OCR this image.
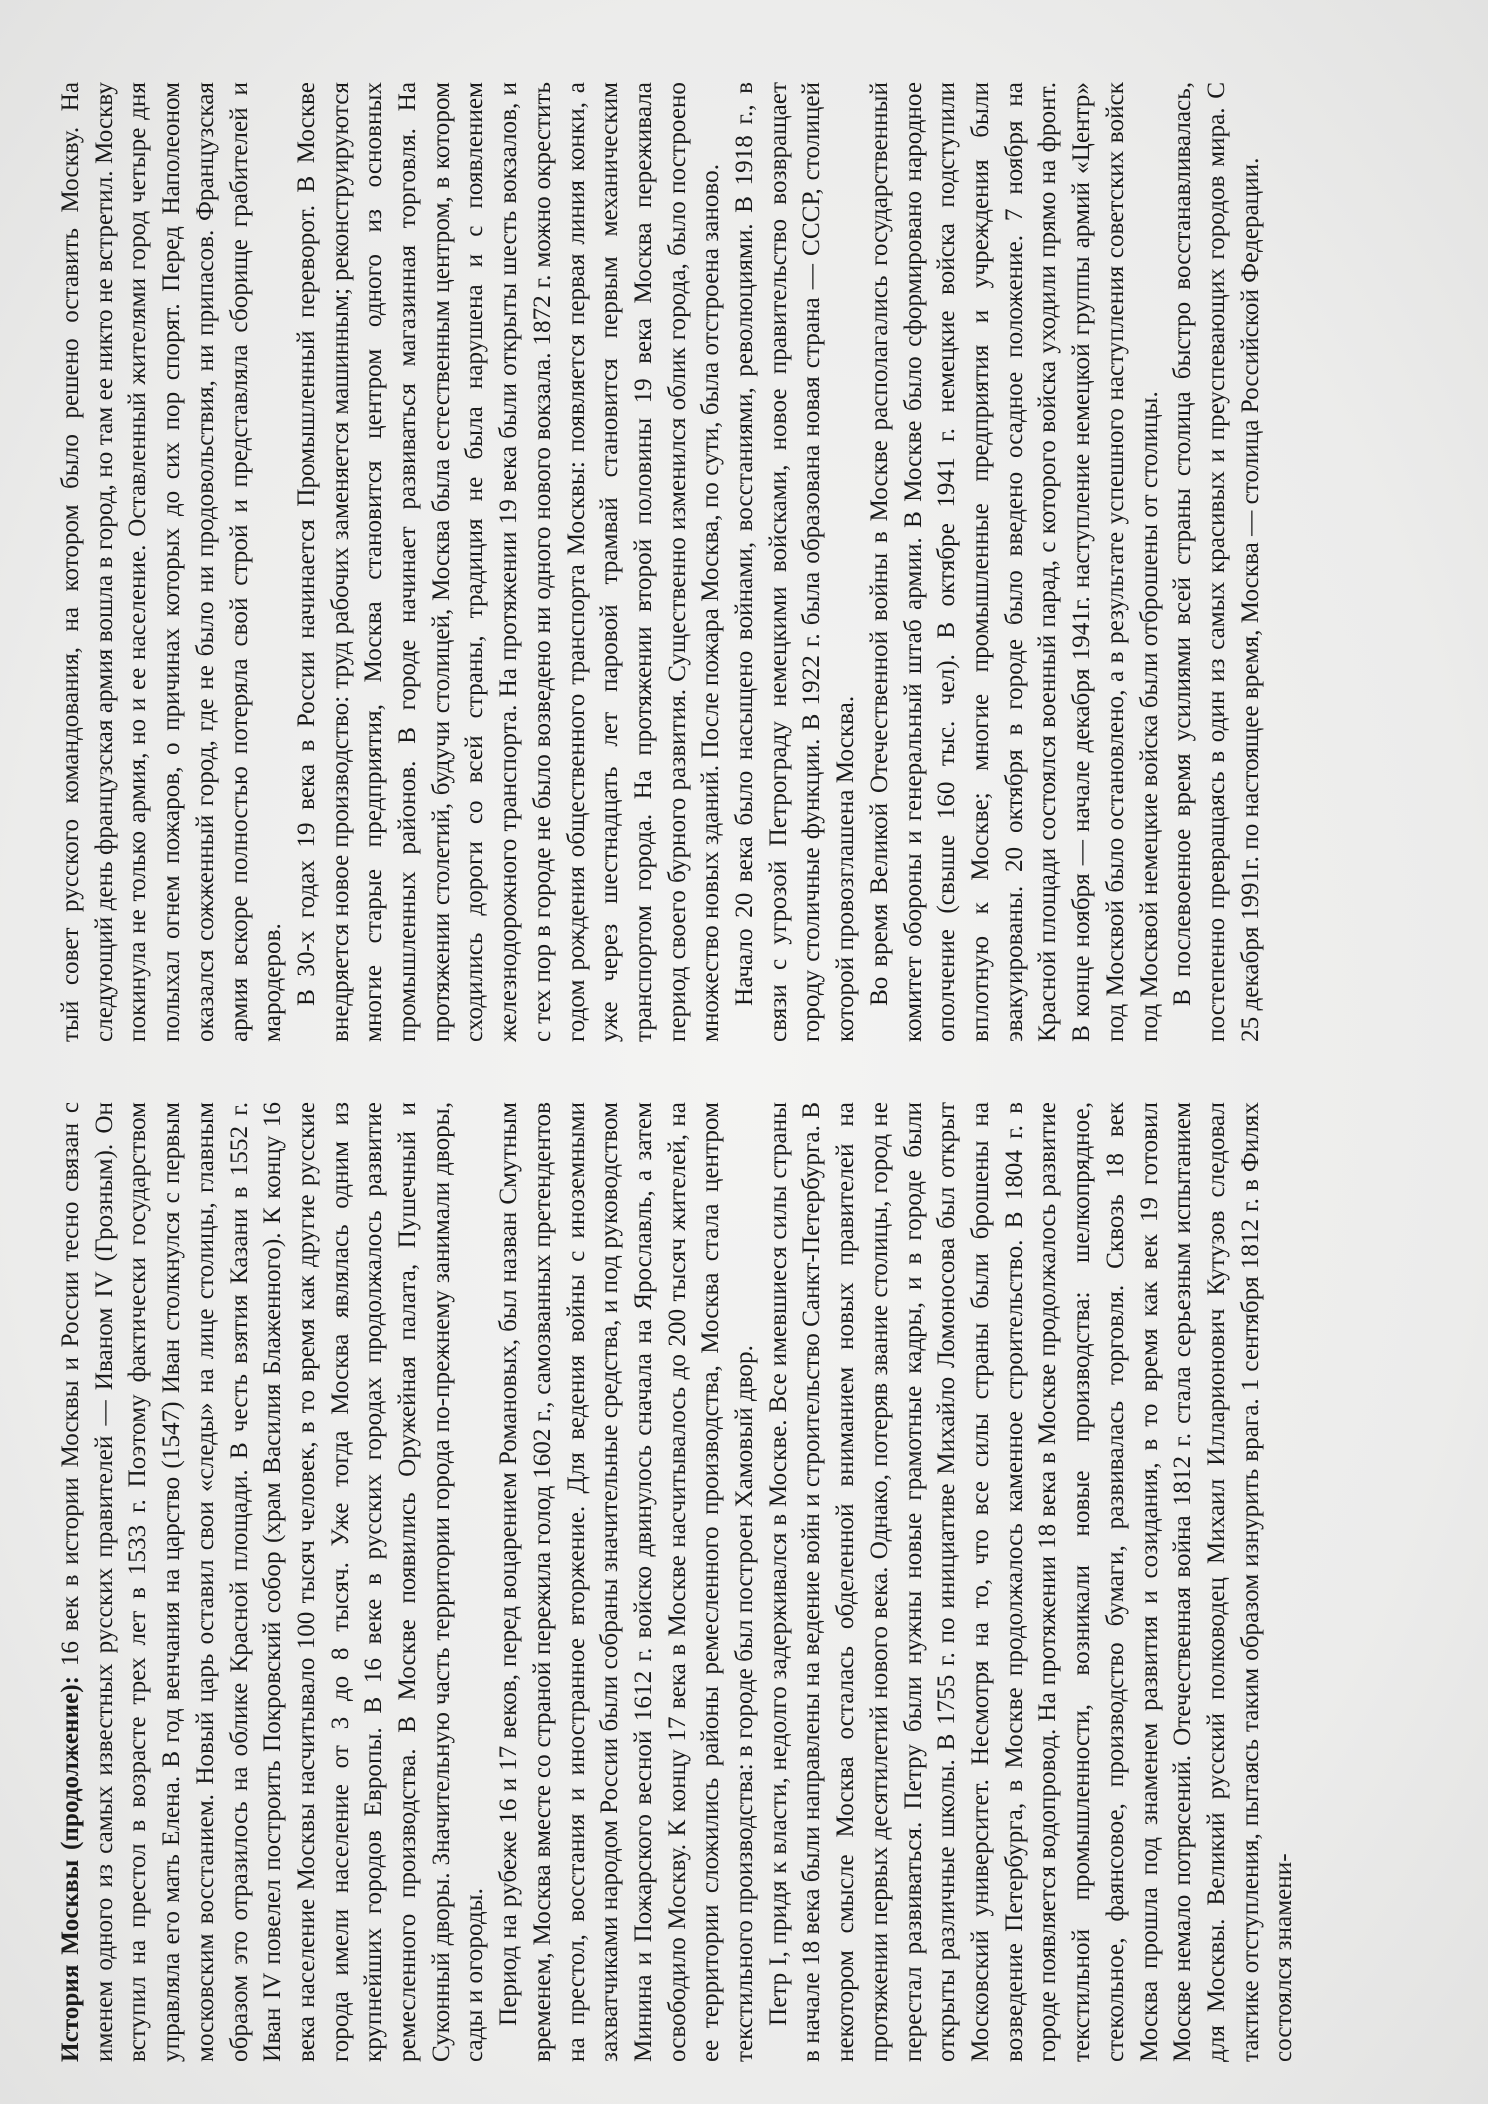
История Москвы (продолжение): 16 век в истории Москвы и России тесно связан с именем одного из самых известных русских правителей — Иваном IV (Грозным). Он вступил на престол в возрасте трех лет в 1533 г. Поэтому фактически государством управляла его мать Елена. В год венчания на царство (1547) Иван столкнулся с первым московским восстанием. Новый царь оставил свои «следы» на лице столицы, главным образом это отразилось на облике Красной площади. В честь взятия Казани в 1552 г. Иван IV повелел построить Покровский собор (храм Василия Блаженного). К концу 16 века население Москвы насчитывало 100 тысяч человек, в то время как другие русские города имели население от 3 до 8 тысяч. Уже тогда Москва являлась одним из крупнейших городов Европы. В 16 веке в русских городах продолжалось развитие ремесленного производства. В Москве появились Оружейная палата, Пушечный и Суконный дворы. Значительную часть территории города по-прежнему занимали дворы, сады и огороды. Период на рубеже 16 и 17 веков, перед воцарением Романовых, был назван Смутным временем, Москва вместе со страной пережила голод 1602 г., самозванных претендентов на престол, восстания и иностранное вторжение. Для ведения войны с иноземными захватчиками народом России были собраны значительные средства, и под руководством Минина и Пожарского весной 1612 г. войско двинулось сначала на Ярославль, а затем освободило Москву. К концу 17 века в Москве насчитывалось до 200 тысяч жителей, на ее территории сложились районы ремесленного производства, Москва стала центром текстильного производства: в городе был построен Хамовый двор. Петр I, придя к власти, недолго задерживался в Москве. Все имевшиеся силы страны в начале 18 века были направлены на ведение войн и строительство Санкт-Петербурга. В некотором смысле Москва осталась обделенной вниманием новых правителей на протяжении первых десятилетий нового века. Однако, потеряв звание столицы, город не перестал развиваться. Петру были нужны новые грамотные кадры, и в городе были открыты различные школы. В 1755 г. по инициативе Михайло Ломоносова был открыт Московский университет. Несмотря на то, что все силы страны были брошены на возведение Петербурга, в Москве продолжалось каменное строительство. В 1804 г. в городе появляется водопровод. На протяжении 18 века в Москве продолжалось развитие текстильной промышленности, возникали новые производства: шелкопрядное, стекольное, фаянсовое, производство бумаги, развивалась торговля. Сквозь 18 век Москва прошла под знаменем развития и созидания, в то время как век 19 готовил Москве немало потрясений. Отечественная война 1812 г. стала серьезным испытанием для Москвы. Великий русский полководец Михаил Илларионович Кутузов следовал тактике отступления, пытаясь таким образом изнурить врага. 1 сентября 1812 г. в Филях состоялся знамени-

тый совет русского командования, на котором было решено оставить Москву. На следующий день французская армия вошла в город, но там ее никто не встретил. Москву покинула не только армия, но и ее население. Оставленный жителями город четыре дня полыхал огнем пожаров, о причинах которых до сих пор спорят. Перед Наполеоном оказался сожженный город, где не было ни продовольствия, ни припасов. Французская армия вскоре полностью потеряла свой строй и представляла сборище грабителей и мародеров. В 30-х годах 19 века в России начинается Промышленный переворот. В Москве внедряется новое производство: труд рабочих заменяется машинным; реконструируются многие старые предприятия, Москва становится центром одного из основных промышленных районов. В городе начинает развиваться магазинная торговля. На протяжении столетий, будучи столицей, Москва была естественным центром, в котором сходились дороги со всей страны, традиция не была нарушена и с появлением железнодорожного транспорта. На протяжении 19 века были открыты шесть вокзалов, и с тех пор в городе не было возведено ни одного нового вокзала. 1872 г. можно окрестить годом рождения общественного транспорта Москвы: появляется первая линия конки, а уже через шестнадцать лет паровой трамвай становится первым механическим транспортом города. На протяжении второй половины 19 века Москва переживала период своего бурного развития. Существенно изменился облик города, было построено множество новых зданий. После пожара Москва, по сути, была отстроена заново. Начало 20 века было насыщено войнами, восстаниями, революциями. В 1918 г., в связи с угрозой Петрограду немецкими войсками, новое правительство возвращает городу столичные функции. В 1922 г. была образована новая страна — СССР, столицей которой провозглашена Москва. Во время Великой Отечественной войны в Москве располагались государственный комитет обороны и генеральный штаб армии. В Москве было сформировано народное ополчение (свыше 160 тыс. чел). В октябре 1941 г. немецкие войска подступили вплотную к Москве; многие промышленные предприятия и учреждения были эвакуированы. 20 октября в городе было введено осадное положение. 7 ноября на Красной площади состоялся военный парад, с которого войска уходили прямо на фронт. В конце ноября — начале декабря 1941г. наступление немецкой группы армий «Центр» под Москвой было остановлено, а в результате успешного наступления советских войск под Москвой немецкие войска были отброшены от столицы. В послевоенное время усилиями всей страны столица быстро восстанавливалась, постепенно превращаясь в один из самых красивых и преуспевающих городов мира. С 25 декабря 1991г. по настоящее время, Москва — столица Российской Федерации.
